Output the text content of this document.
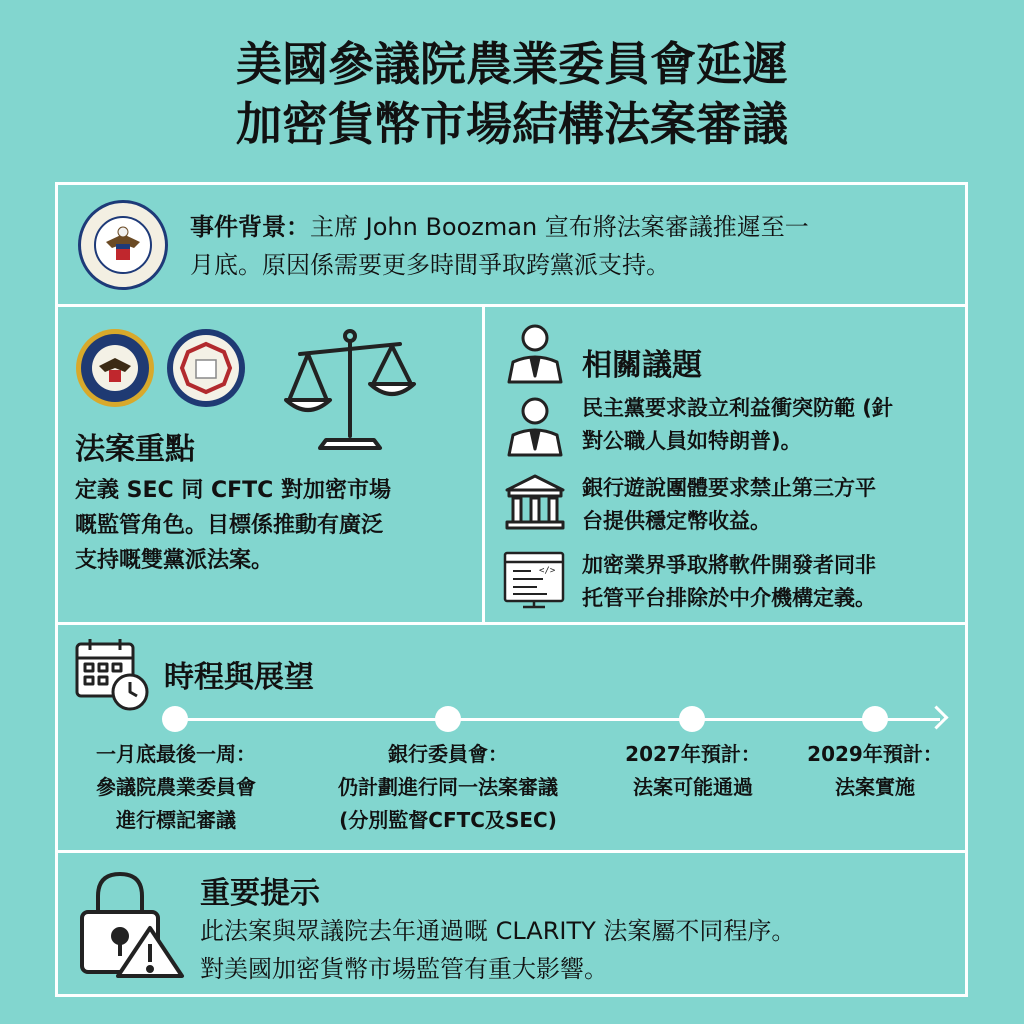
美國參議院農業委員會延遲
加密貨幣市場結構法案審議
事件背景：主席 John Boozman 宣布將法案審議推遲至一
月底。原因係需要更多時間爭取跨黨派支持。
法案重點
定義 SEC 同 CFTC 對加密市場
嘅監管角色。目標係推動有廣泛
支持嘅雙黨派法案。
相關議題
民主黨要求設立利益衝突防範 (針
對公職人員如特朗普)。
銀行遊說團體要求禁止第三方平
台提供穩定幣收益。
</> 加密業界爭取將軟件開發者同非
托管平台排除於中介機構定義。
時程與展望
一月底最後一周：
參議院農業委員會
進行標記審議
銀行委員會：
仍計劃進行同一法案審議
(分別監督CFTC及SEC)
2027年預計：
法案可能通過
2029年預計：
法案實施
重要提示
此法案與眾議院去年通過嘅 CLARITY 法案屬不同程序。
對美國加密貨幣市場監管有重大影響。
